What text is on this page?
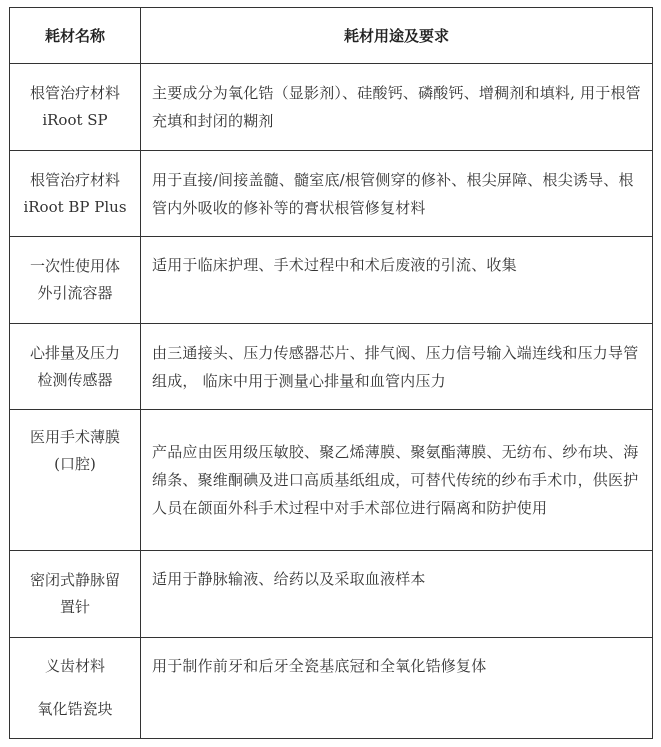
耗材名称	耗材用途及要求

根管治疗材料
iRoot SP	主要成分为氧化锆（显影剂）、硅酸钙、磷酸钙、增稠剂和填料, 用于根管充填和封闭的糊剂

根管治疗材料
iRoot BP Plus	用于直接/间接盖髓、髓室底/根管侧穿的修补、根尖屏障、根尖诱导、根管内外吸收的修补等的膏状根管修复材料

一次性使用体
外引流容器	适用于临床护理、手术过程中和术后废液的引流、收集

心排量及压力
检测传感器	由三通接头、压力传感器芯片、排气阀、压力信号输入端连线和压力导管组成， 临床中用于测量心排量和血管内压力

医用手术薄膜
(口腔)	产品应由医用级压敏胶、聚乙烯薄膜、聚氨酯薄膜、无纺布、纱布块、海绵条、聚维酮碘及进口高质基纸组成，可替代传统的纱布手术巾，供医护人员在颌面外科手术过程中对手术部位进行隔离和防护使用

密闭式静脉留
置针	适用于静脉输液、给药以及采取血液样本

义齿材料
氧化锆瓷块	用于制作前牙和后牙全瓷基底冠和全氧化锆修复体
